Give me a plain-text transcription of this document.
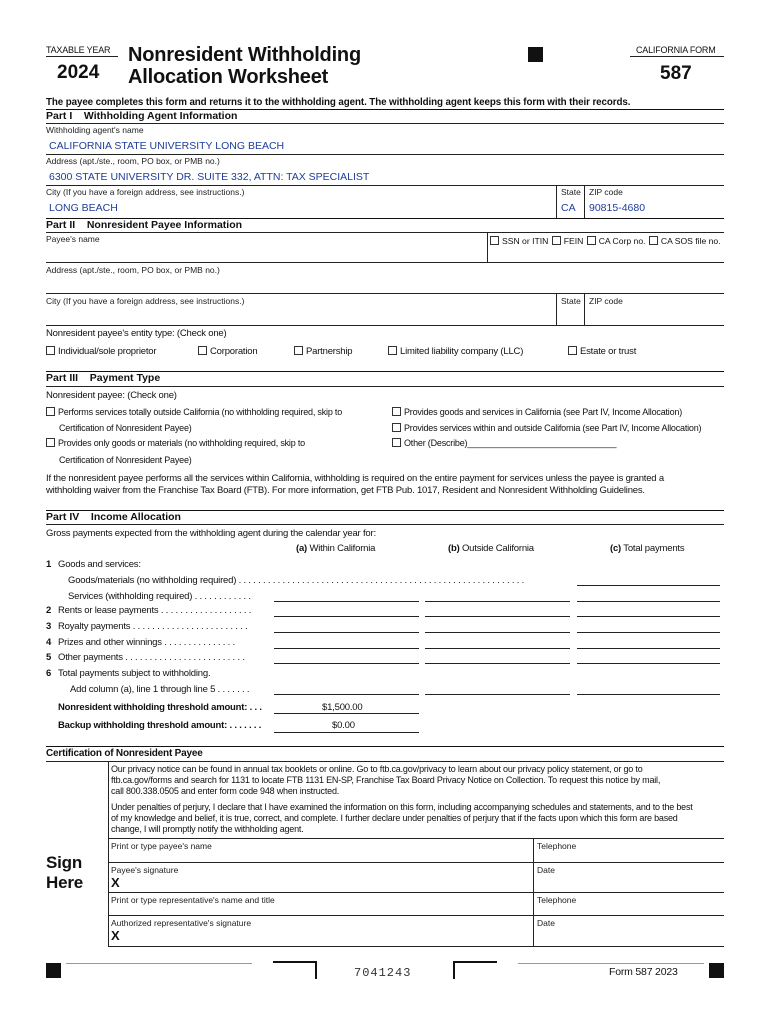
TAXABLE YEAR
2024
Nonresident Withholding
Allocation Worksheet
CALIFORNIA FORM
587
The payee completes this form and returns it to the withholding agent. The withholding agent keeps this form with their records.
Part I    Withholding Agent Information
Withholding agent's name
CALIFORNIA STATE UNIVERSITY LONG BEACH
Address (apt./ste., room, PO box, or PMB no.)
6300 STATE UNIVERSITY DR. SUITE 332, ATTN: TAX SPECIALIST
City (If you have a foreign address, see instructions.)
LONG BEACH
State
CA
ZIP code
90815-4680
Part II    Nonresident Payee Information
Payee's name	SSN or ITIN FEIN CA Corp no. CA SOS file no.
Address (apt./ste., room, PO box, or PMB no.)
City (If you have a foreign address, see instructions.)	State ZIP code
Nonresident payee's entity type: (Check one)
Individual/sole proprietor	Corporation	Partnership	Limited liability company (LLC)	Estate or trust
Part III    Payment Type
Nonresident payee: (Check one)
Performs services totally outside California (no withholding required, skip to
Certification of Nonresident Payee)
Provides only goods or materials (no withholding required, skip to
Certification of Nonresident Payee)
Provides goods and services in California (see Part IV, Income Allocation)
Provides services within and outside California (see Part IV, Income Allocation)
Other (Describe)_______________________________
If the nonresident payee performs all the services within California, withholding is required on the entire payment for services unless the payee is granted a
withholding waiver from the Franchise Tax Board (FTB). For more information, get FTB Pub. 1017, Resident and Nonresident Withholding Guidelines.
Part IV    Income Allocation
Gross payments expected from the withholding agent during the calendar year for:
(a) Within California	(b) Outside California	(c) Total payments
1 Goods and services:
Goods/materials (no withholding required) . . . . . . . . . . . . . . . . . . . . . . . . . . . . . . . . . . . . . . . . . . . . . . . . . . . . . . . . . . .
Services (withholding required) . . . . . . . . . . . .
2 Rents or lease payments . . . . . . . . . . . . . . . . . . .
3 Royalty payments . . . . . . . . . . . . . . . . . . . . . . . .
4 Prizes and other winnings . . . . . . . . . . . . . . .
5 Other payments . . . . . . . . . . . . . . . . . . . . . . . . .
6 Total payments subject to withholding.
Add column (a), line 1 through line 5 . . . . . . .
Nonresident withholding threshold amount: . . .	$1,500.00
Backup withholding threshold amount: . . . . . . .	$0.00
Certification of Nonresident Payee
Our privacy notice can be found in annual tax booklets or online. Go to ftb.ca.gov/privacy to learn about our privacy policy statement, or go to
ftb.ca.gov/forms and search for 1131 to locate FTB 1131 EN-SP, Franchise Tax Board Privacy Notice on Collection. To request this notice by mail,
call 800.338.0505 and enter form code 948 when instructed.
Under penalties of perjury, I declare that I have examined the information on this form, including accompanying schedules and statements, and to the best
of my knowledge and belief, it is true, correct, and complete. I further declare under penalties of perjury that if the facts upon which this form are based
change, I will promptly notify the withholding agent.
Sign
Here
Print or type payee's name	Telephone
Payee's signature	Date
X
Print or type representative's name and title	Telephone
Authorized representative's signature	Date
X
7041243	Form 587 2023
